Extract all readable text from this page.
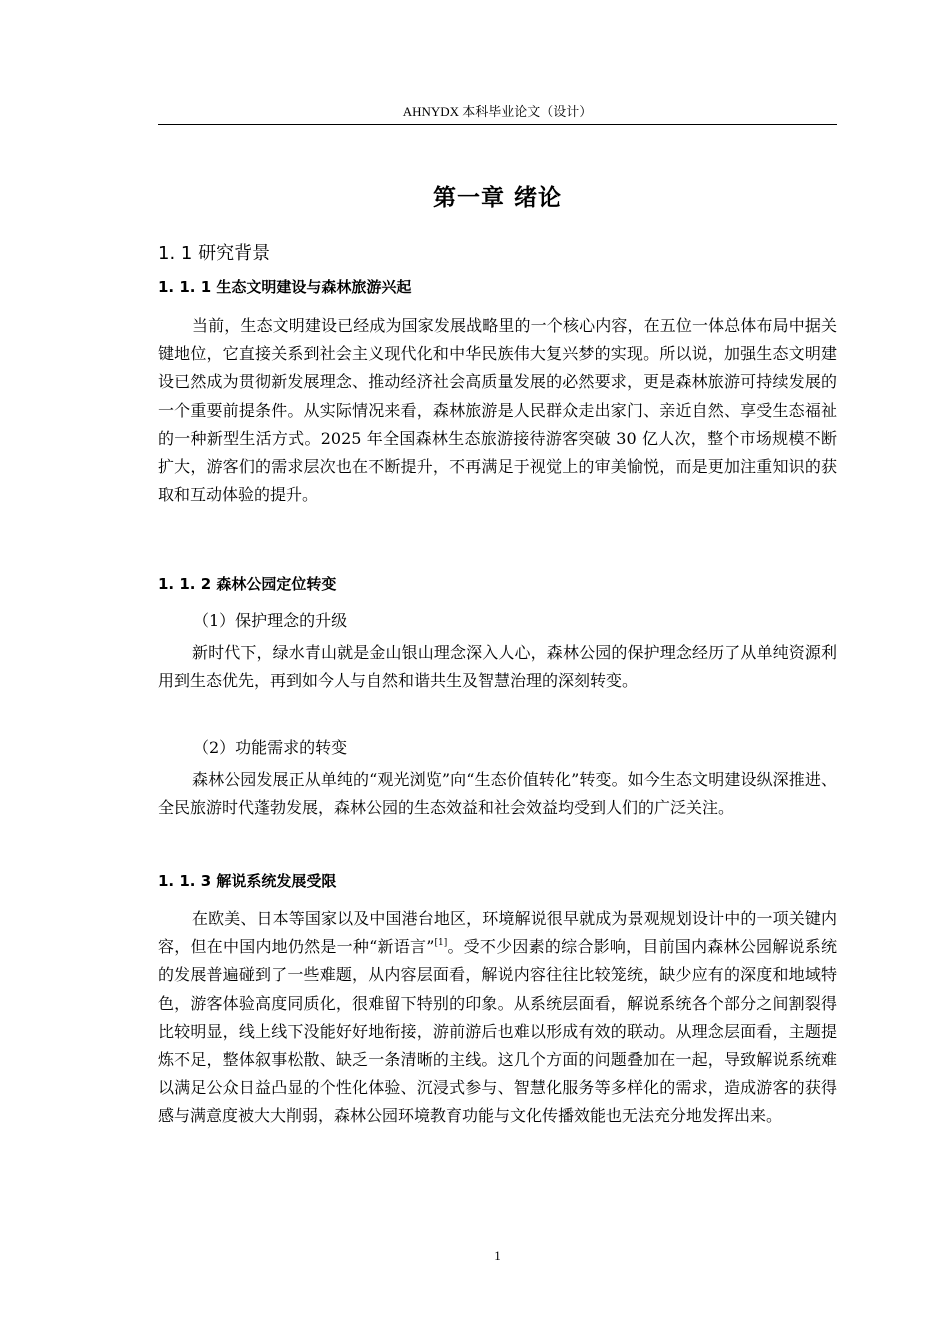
AHNYDX 本科毕业论文（设计）
第一章 绪论
1. 1 研究背景
1. 1. 1 生态文明建设与森林旅游兴起

当前，生态文明建设已经成为国家发展战略里的一个核心内容，在五位一体总体布局中据关键地位，它直接关系到社会主义现代化和中华民族伟大复兴梦的实现。所以说，加强生态文明建设已然成为贯彻新发展理念、推动经济社会高质量发展的必然要求，更是森林旅游可持续发展的一个重要前提条件。从实际情况来看，森林旅游是人民群众走出家门、亲近自然、享受生态福祉的一种新型生活方式。2025 年全国森林生态旅游接待游客突破 30 亿人次，整个市场规模不断扩大，游客们的需求层次也在不断提升，不再满足于视觉上的审美愉悦，而是更加注重知识的获取和互动体验的提升。

1. 1. 2 森林公园定位转变
（1）保护理念的升级

新时代下，绿水青山就是金山银山理念深入人心，森林公园的保护理念经历了从单纯资源利用到生态优先，再到如今人与自然和谐共生及智慧治理的深刻转变。

（2）功能需求的转变

森林公园发展正从单纯的“观光浏览”向“生态价值转化”转变。如今生态文明建设纵深推进、全民旅游时代蓬勃发展，森林公园的生态效益和社会效益均受到人们的广泛关注。

1. 1. 3 解说系统发展受限

在欧美、日本等国家以及中国港台地区，环境解说很早就成为景观规划设计中的一项关键内容，但在中国内地仍然是一种“新语言”[1]。受不少因素的综合影响，目前国内森林公园解说系统的发展普遍碰到了一些难题，从内容层面看，解说内容往往比较笼统，缺少应有的深度和地域特色，游客体验高度同质化，很难留下特别的印象。从系统层面看，解说系统各个部分之间割裂得比较明显，线上线下没能好好地衔接，游前游后也难以形成有效的联动。从理念层面看，主题提炼不足，整体叙事松散、缺乏一条清晰的主线。这几个方面的问题叠加在一起，导致解说系统难以满足公众日益凸显的个性化体验、沉浸式参与、智慧化服务等多样化的需求，造成游客的获得感与满意度被大大削弱，森林公园环境教育功能与文化传播效能也无法充分地发挥出来。

1
